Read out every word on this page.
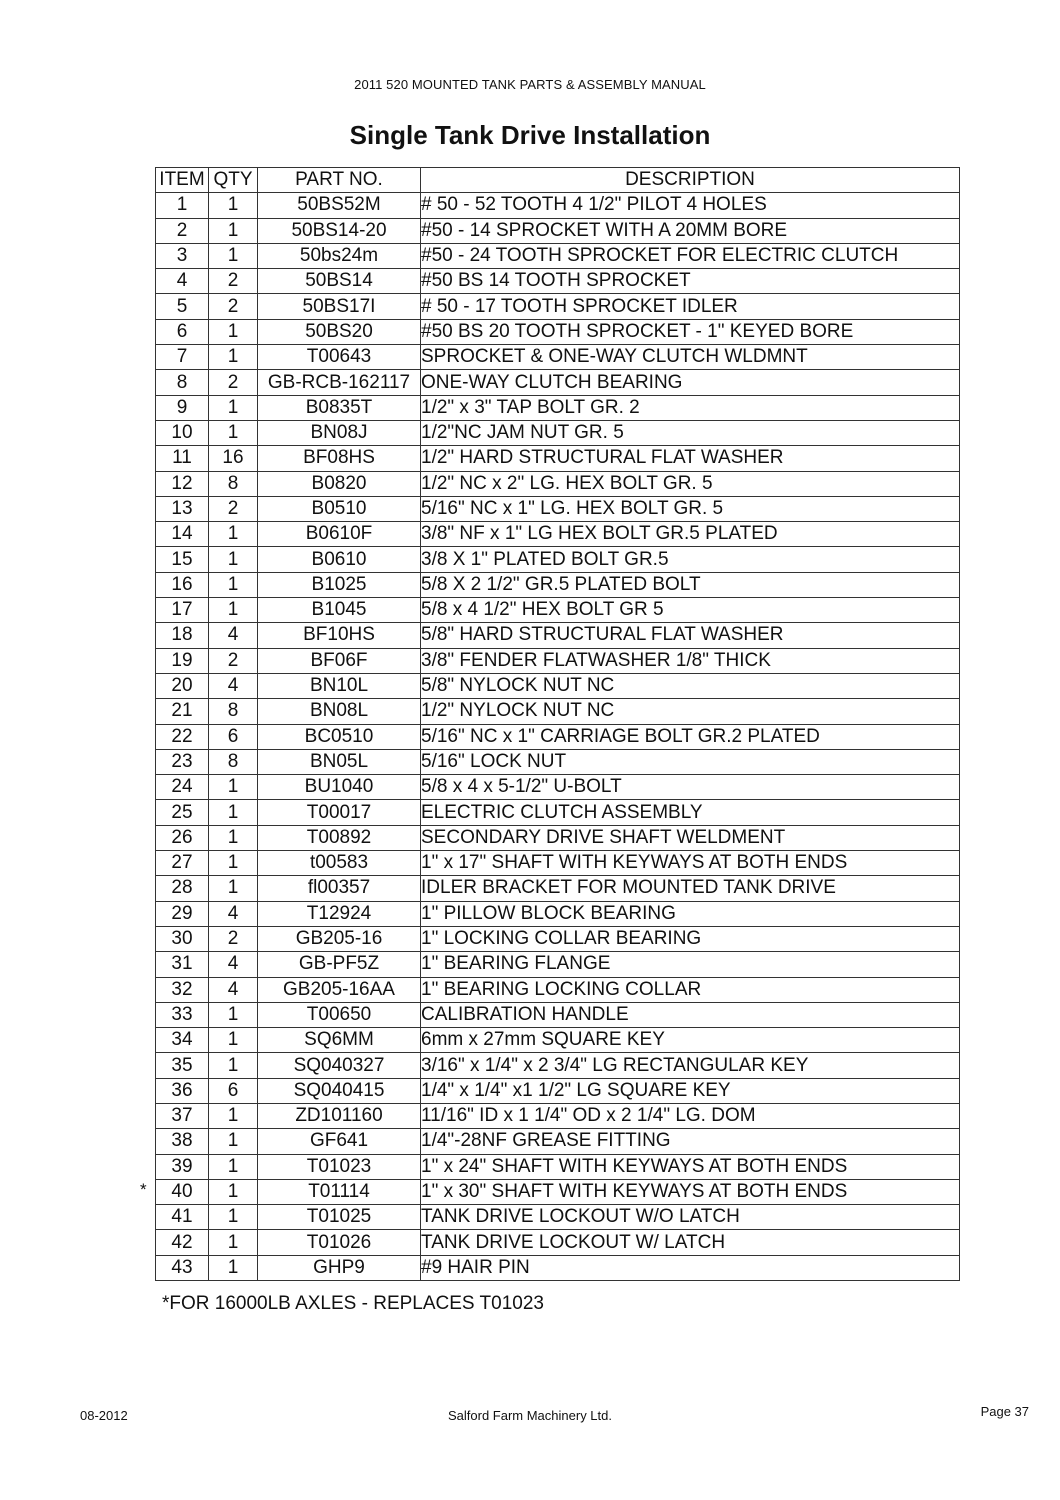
2011 520 MOUNTED TANK PARTS & ASSEMBLY MANUAL
Single Tank Drive Installation
ITEM	QTY	PART NO.	DESCRIPTION
1	1	50BS52M	# 50 - 52 TOOTH 4 1/2" PILOT 4 HOLES
2	1	50BS14-20	#50 - 14 SPROCKET WITH A 20MM BORE
3	1	50bs24m	#50 - 24 TOOTH SPROCKET FOR ELECTRIC CLUTCH
4	2	50BS14	#50 BS 14 TOOTH SPROCKET
5	2	50BS17I	# 50 - 17 TOOTH SPROCKET IDLER
6	1	50BS20	#50 BS 20 TOOTH SPROCKET - 1" KEYED BORE
7	1	T00643	SPROCKET & ONE-WAY CLUTCH WLDMNT
8	2	GB-RCB-162117	ONE-WAY CLUTCH BEARING
9	1	B0835T	1/2" x 3" TAP BOLT GR. 2
10	1	BN08J	1/2"NC JAM NUT GR. 5
11	16	BF08HS	1/2" HARD STRUCTURAL FLAT WASHER
12	8	B0820	1/2" NC x 2" LG. HEX BOLT GR. 5
13	2	B0510	5/16" NC x 1" LG. HEX BOLT GR. 5
14	1	B0610F	3/8" NF x 1" LG HEX BOLT GR.5 PLATED
15	1	B0610	3/8 X 1" PLATED BOLT GR.5
16	1	B1025	5/8 X 2 1/2" GR.5 PLATED BOLT
17	1	B1045	5/8 x 4 1/2" HEX BOLT GR 5
18	4	BF10HS	5/8" HARD STRUCTURAL FLAT WASHER
19	2	BF06F	3/8" FENDER FLATWASHER 1/8" THICK
20	4	BN10L	5/8" NYLOCK NUT NC
21	8	BN08L	1/2" NYLOCK NUT NC
22	6	BC0510	5/16" NC x 1" CARRIAGE BOLT GR.2 PLATED
23	8	BN05L	5/16" LOCK NUT
24	1	BU1040	5/8 x 4 x 5-1/2" U-BOLT
25	1	T00017	ELECTRIC CLUTCH ASSEMBLY
26	1	T00892	SECONDARY DRIVE SHAFT WELDMENT
27	1	t00583	1" x 17" SHAFT WITH KEYWAYS AT BOTH ENDS
28	1	fl00357	IDLER BRACKET FOR MOUNTED TANK DRIVE
29	4	T12924	1" PILLOW BLOCK BEARING
30	2	GB205-16	1" LOCKING COLLAR BEARING
31	4	GB-PF5Z	1" BEARING FLANGE
32	4	GB205-16AA	1" BEARING LOCKING COLLAR
33	1	T00650	CALIBRATION HANDLE
34	1	SQ6MM	6mm x 27mm SQUARE KEY
35	1	SQ040327	3/16" x 1/4" x 2 3/4" LG RECTANGULAR KEY
36	6	SQ040415	1/4" x 1/4" x1 1/2" LG SQUARE KEY
37	1	ZD101160	11/16" ID x 1 1/4" OD x 2 1/4" LG. DOM
38	1	GF641	1/4"-28NF GREASE FITTING
39	1	T01023	1" x 24" SHAFT WITH KEYWAYS AT BOTH ENDS
40	1	T01114	1" x 30" SHAFT WITH KEYWAYS AT BOTH ENDS
41	1	T01025	TANK DRIVE LOCKOUT W/O LATCH
42	1	T01026	TANK DRIVE LOCKOUT W/ LATCH
43	1	GHP9	#9 HAIR PIN
*
*FOR 16000LB AXLES - REPLACES T01023
08-2012	Salford Farm Machinery Ltd.	Page 37
